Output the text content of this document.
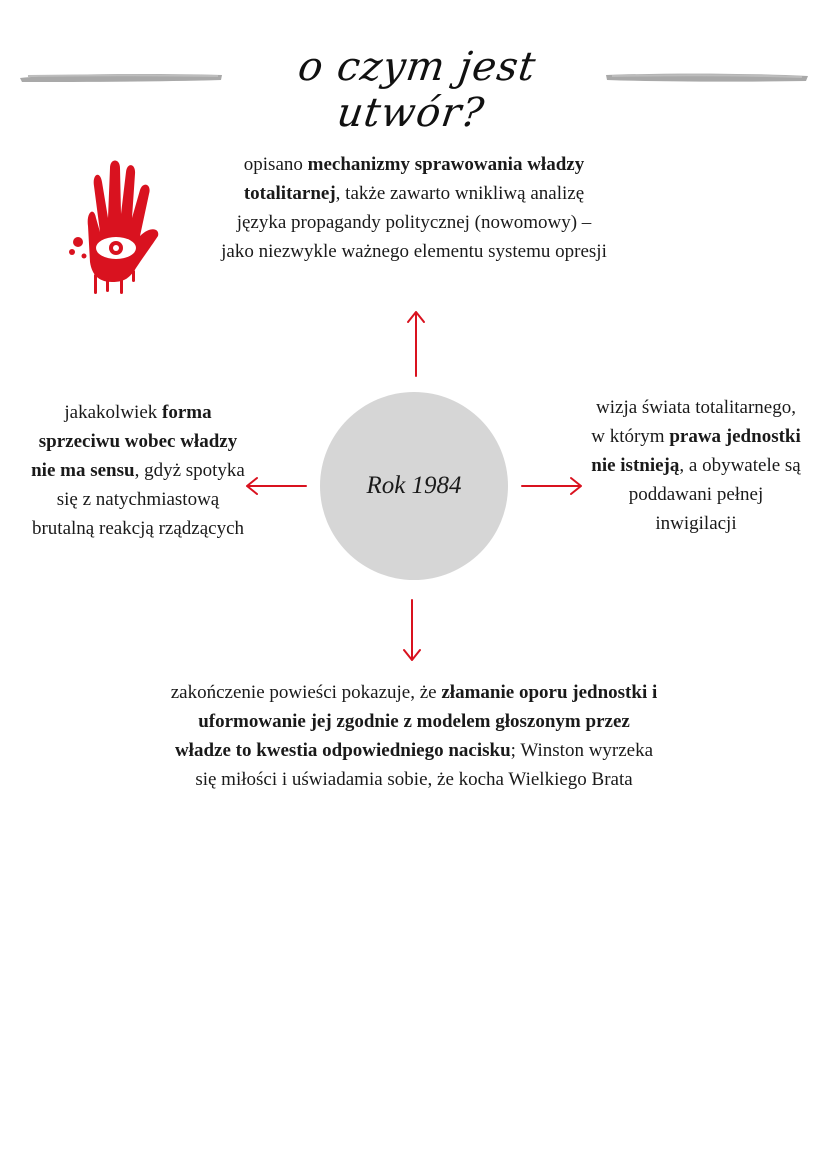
o czym jest utwór?
opisano mechanizmy sprawowania władzy totalitarnej, także zawarto wnikliwą analizę języka propagandy politycznej (nowomowy) – jako niezwykle ważnego elementu systemu opresji
jakakolwiek forma sprzeciwu wobec władzy nie ma sensu, gdyż spotyka się z natychmiastową brutalną reakcją rządzących
Rok 1984
wizja świata totalitarnego, w którym prawa jednostki nie istnieją, a obywatele są poddawani pełnej inwigilacji
zakończenie powieści pokazuje, że złamanie oporu jednostki i uformowanie jej zgodnie z modelem głoszonym przez władze to kwestia odpowiedniego nacisku; Winston wyrzeka się miłości i uświadamia sobie, że kocha Wielkiego Brata
